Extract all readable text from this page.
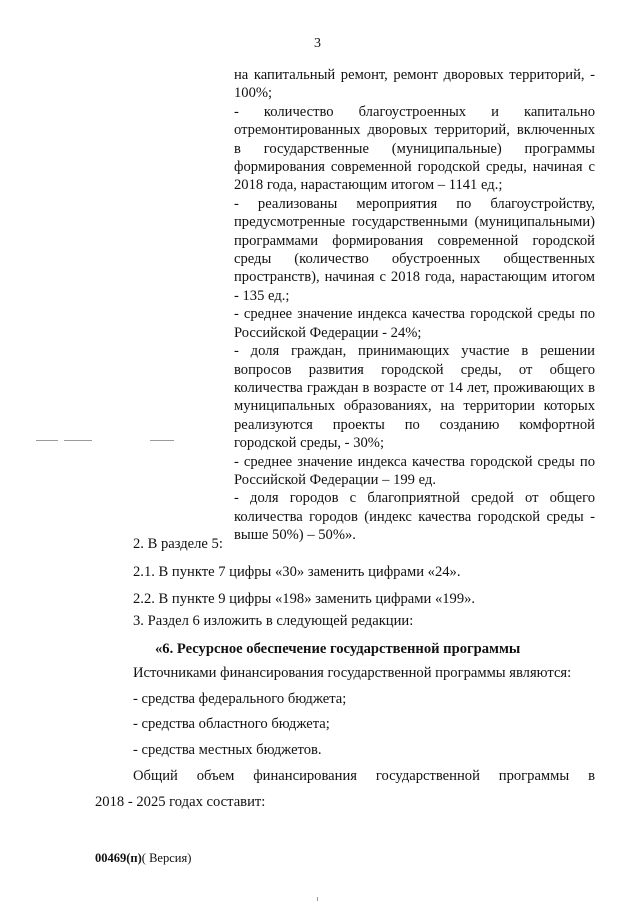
3

на капитальный ремонт, ремонт дворовых территорий, - 100%;

- количество благоустроенных и капитально отремонтированных дворовых территорий, включенных в государственные (муниципальные) программы формирования современной городской среды, начиная с 2018 года, нарастающим итогом – 1141 ед.;

- реализованы мероприятия по благоустройству, предусмотренные государственными (муниципальными) программами формирования современной городской среды (количество обустроенных общественных пространств), начиная с 2018 года, нарастающим итогом - 135 ед.;

- среднее значение индекса качества городской среды по Российской Федерации - 24%;

- доля граждан, принимающих участие в решении вопросов развития городской среды, от общего количества граждан в возрасте от 14 лет, проживающих в муниципальных образованиях, на территории которых реализуются проекты по созданию комфортной городской среды, - 30%;

- среднее значение индекса качества городской среды по Российской Федерации – 199 ед.

- доля городов с благоприятной средой от общего количества городов (индекс качества городской среды - выше 50%) – 50%».

2. В разделе 5:

2.1. В пункте 7 цифры «30» заменить цифрами «24».

2.2. В пункте 9 цифры «198» заменить цифрами «199».

3. Раздел 6 изложить в следующей редакции:

«6. Ресурсное обеспечение государственной программы

Источниками финансирования государственной программы являются:

- средства федерального бюджета;

- средства областного бюджета;

- средства местных бюджетов.

Общий объем финансирования государственной программы в

2018 - 2025 годах составит:

00469(п)( Версия)
